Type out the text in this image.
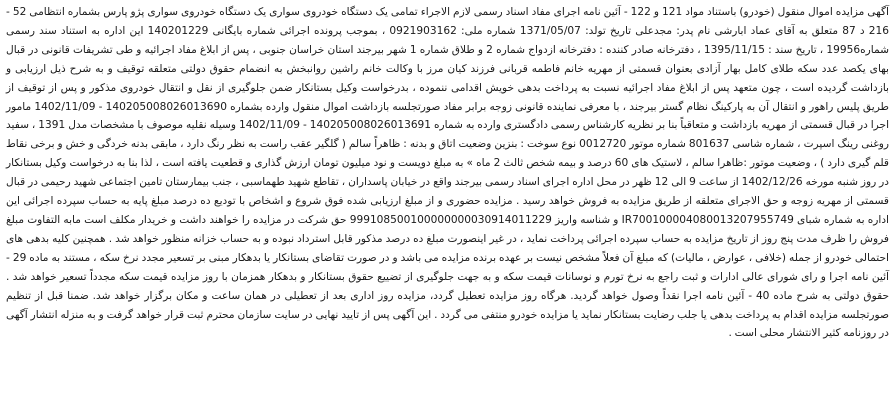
آگهی مزایده اموال منقول (خودرو) باستناد مواد 121 و 122 - آئین نامه اجرای مفاد اسناد رسمی لازم الاجراء تمامی یک دستگاه خودروی سواری یک دستگاه خودروی سواری پژو پارس بشماره انتظامی 52 - 216 د 87 متعلق به آقای عماد ابارشی نام پدر: مجدعلی تاریخ تولد: 1371/05/07 شماره ملی: 0921903162 ، بموجب پرونده اجرائی شماره بایگانی 140201229 این اداره به استناد سند رسمی شماره19956 ، تاریخ سند : 1395/11/15 ، دفترخانه صادر کننده : دفترخانه ازدواج شماره 2 و طلاق شماره 1 شهر بیرجند استان خراسان جنوبی ، پس از ابلاغ مفاد اجرائیه و طی تشریفات قانونی در قبال بهای یکصد عدد سکه طلای کامل بهار آزادی بعنوان قسمتی از مهریه خانم فاطمه قربانی فرزند کیان مرز با وکالت خانم راشین روانبخش به انضمام حقوق دولتی متعلقه توقیف و به شرح ذیل ارزیابی و بازداشت گردیده است ، چون متعهد پس از ابلاغ مفاد اجرائیه نسبت به پرداخت بدهی خویش اقدامی ننموده ، بدرخواست وکیل بستانکار ضمن جلوگیری از نقل و انتقال خودروی مذکور و پس از توقیف از طریق پلیس راهور و انتقال آن به پارکینگ نظام گستر بیرجند ، با معرفی نماینده قانونی زوجه برابر مفاد صورتجلسه بازداشت اموال منقول وارده بشماره 140205008026013690 - 1402/11/09 مامور اجرا در قبال قسمتی از مهریه بازداشت و متعاقباً بنا بر نظریه کارشناس رسمی دادگستری وارده به شماره 140205008026013691 - 1402/11/09 وسیله نقلیه موصوف با مشخصات مدل 1391 ، سفید روغنی رینگ اسپرت ، شماره شاسی 801637 شماره موتور 0012720 نوع سوخت : بنزین وضعیت اتاق و بدنه : ظاهراً سالم ( گلگیر عقب راست به نظر رنگ دارد ، مابقی بدنه خردگی و خش و برخی نقاط قلم گیری دارد ) ، وضعیت موتور :ظاهرا سالم ، لاستیک های 60 درصد و بیمه شخص ثالث 2 ماه » به مبلغ دویست و نود میلیون تومان ارزش گذاری و قطعیت یافته است ، لذا بنا به درخواست وکیل بستانکار در روز شنبه مورخه 1402/12/26 از ساعت 9 الی 12 ظهر در محل اداره اجرای اسناد رسمی بیرجند واقع در خیابان پاسداران ، تقاطع شهید طهماسبی ، جنب بیمارستان تامین اجتماعی شهید رحیمی در قبال قسمتی از مهریه زوجه و حق الاجرای متعلقه از طریق مزایده به فروش خواهد رسید . مزایده حضوری و از مبلغ ارزیابی شده فوق شروع و اشخاص با تودیع ده درصد مبلغ پایه به حساب سپرده اجرائی این اداره به شماره شبای IR700100004080013207955749 و شناسه واریز 999108500100000000030914011229 حق شرکت در مزایده را خواهند داشت و خریدار مکلف است مابه التفاوت مبلغ فروش را ظرف مدت پنج روز از تاریخ مزایده به حساب سپرده اجرائی پرداخت نماید ، در غیر اینصورت مبلغ ده درصد مذکور قابل استرداد نبوده و به حساب خزانه منظور خواهد شد . همچنین کلیه بدهی های احتمالی خودرو از جمله (خلافی ، عوارض ، مالیات) که مبلغ آن فعلاً مشخص نیست بر عهده برنده مزایده می باشد و در صورت تقاضای بستانکار یا بدهکار مبنی بر تسعیر مجدد نرخ سکه ، مستند به ماده 29 - آئین نامه اجرا و رای شورای عالی ادارات و ثبت راجع به نرخ تورم و نوسانات قیمت سکه و به جهت جلوگیری از تضییع حقوق بستانکار و بدهکار همزمان با روز مزایده قیمت سکه مجدداً تسعیر خواهد شد . حقوق دولتی به شرح ماده 40 - آئین نامه اجرا نقداً وصول خواهد گردید. هرگاه روز مزایده تعطیل گردد، مزایده روز اداری بعد از تعطیلی در همان ساعت و مکان برگزار خواهد شد. ضمنا قبل از تنظیم صورتجلسه مزایده اقدام به پرداخت بدهی یا جلب رضایت بستانکار نماید یا مزایده خودرو منتفی می گردد . این آگهی پس از تایید نهایی در سایت سازمان محترم ثبت قرار خواهد گرفت و به منزله انتشار آگهی در روزنامه کثیر الانتشار محلی است .
